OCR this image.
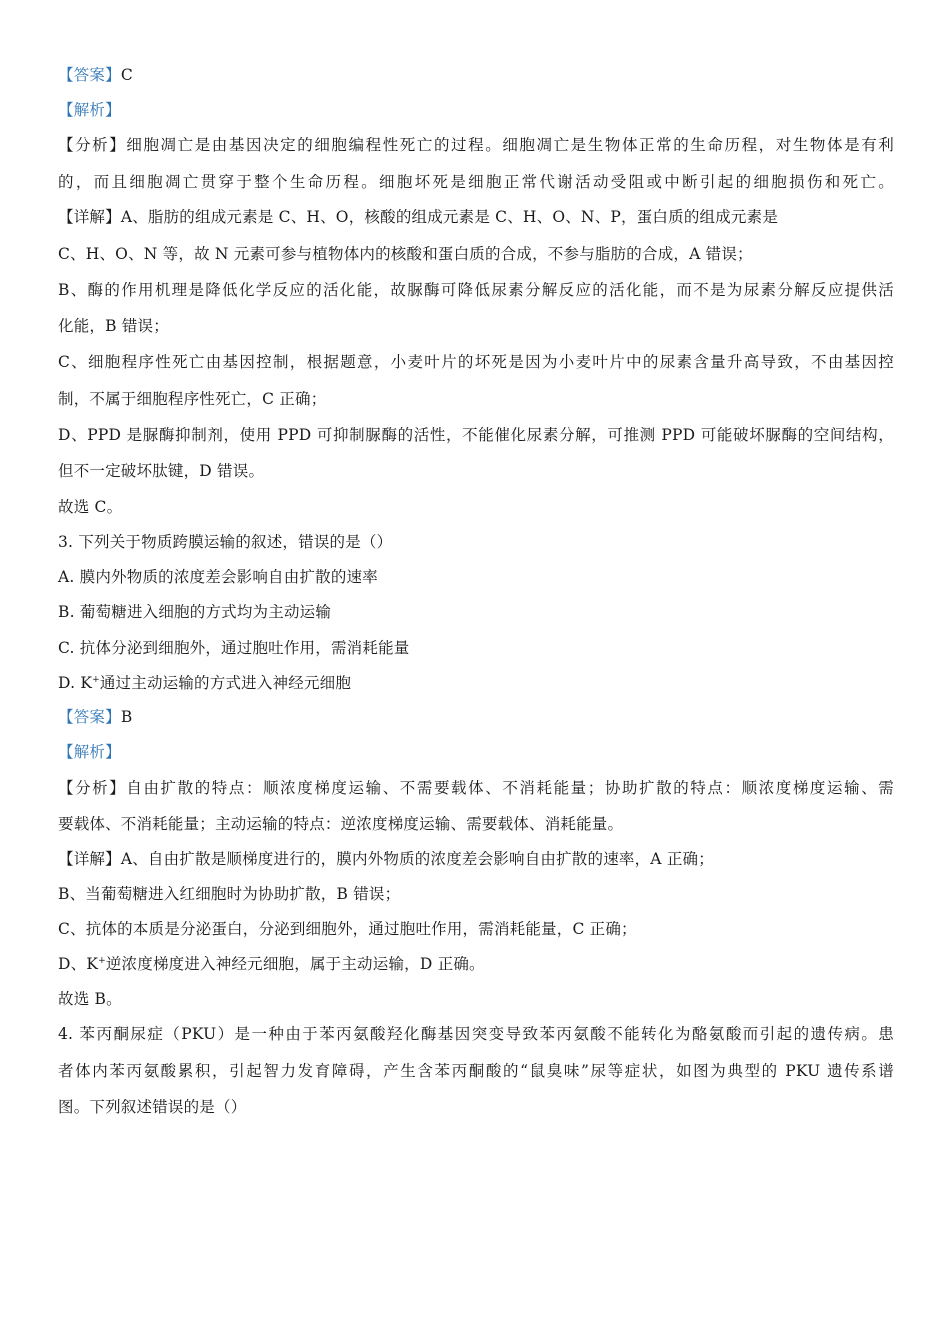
【答案】C
【解析】
【分析】细胞凋亡是由基因决定的细胞编程性死亡的过程。细胞凋亡是生物体正常的生命历程，对生物体是有利
的，而且细胞凋亡贯穿于整个生命历程。细胞坏死是细胞正常代谢活动受阻或中断引起的细胞损伤和死亡。
【详解】A、脂肪的组成元素是 C、H、O，核酸的组成元素是 C、H、O、N、P，蛋白质的组成元素是
C、H、O、N 等，故 N 元素可参与植物体内的核酸和蛋白质的合成，不参与脂肪的合成，A 错误；
B、酶的作用机理是降低化学反应的活化能，故脲酶可降低尿素分解反应的活化能，而不是为尿素分解反应提供活
化能，B 错误；
C、细胞程序性死亡由基因控制，根据题意，小麦叶片的坏死是因为小麦叶片中的尿素含量升高导致，不由基因控
制，不属于细胞程序性死亡，C 正确；
D、PPD 是脲酶抑制剂，使用 PPD 可抑制脲酶的活性，不能催化尿素分解，可推测 PPD 可能破坏脲酶的空间结构，
但不一定破坏肽键，D 错误。
故选 C。
3. 下列关于物质跨膜运输的叙述，错误的是（）
A. 膜内外物质的浓度差会影响自由扩散的速率
B. 葡萄糖进入细胞的方式均为主动运输
C. 抗体分泌到细胞外，通过胞吐作用，需消耗能量
D. K+通过主动运输的方式进入神经元细胞
【答案】B
【解析】
【分析】自由扩散的特点：顺浓度梯度运输、不需要载体、不消耗能量；协助扩散的特点：顺浓度梯度运输、需
要载体、不消耗能量；主动运输的特点：逆浓度梯度运输、需要载体、消耗能量。
【详解】A、自由扩散是顺梯度进行的，膜内外物质的浓度差会影响自由扩散的速率，A 正确；
B、当葡萄糖进入红细胞时为协助扩散，B 错误；
C、抗体的本质是分泌蛋白，分泌到细胞外，通过胞吐作用，需消耗能量，C 正确；
D、K+逆浓度梯度进入神经元细胞，属于主动运输，D 正确。
故选 B。
4. 苯丙酮尿症（PKU）是一种由于苯丙氨酸羟化酶基因突变导致苯丙氨酸不能转化为酪氨酸而引起的遗传病。患
者体内苯丙氨酸累积，引起智力发育障碍，产生含苯丙酮酸的“鼠臭味”尿等症状，如图为典型的 PKU 遗传系谱
图。下列叙述错误的是（）
